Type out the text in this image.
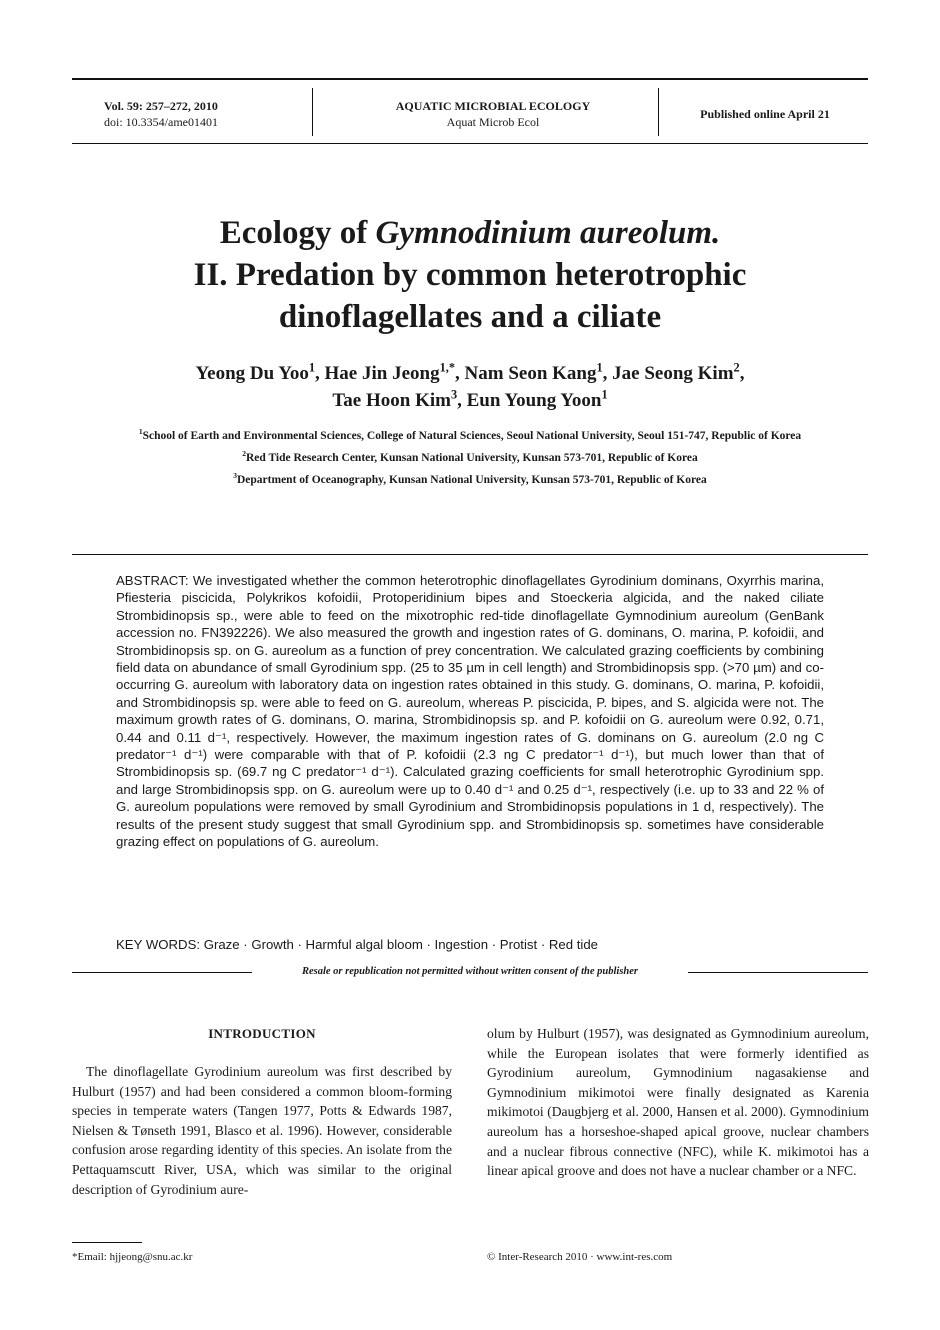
Vol. 59: 257–272, 2010
doi: 10.3354/ame01401
AQUATIC MICROBIAL ECOLOGY
Aquat Microb Ecol
Published online April 21
Ecology of Gymnodinium aureolum.
II. Predation by common heterotrophic
dinoflagellates and a ciliate
Yeong Du Yoo$^1$, Hae Jin Jeong$^{1,*}$, Nam Seon Kang$^1$, Jae Seong Kim$^2$,
Tae Hoon Kim$^3$, Eun Young Yoon$^1$

$^1$School of Earth and Environmental Sciences, College of Natural Sciences, Seoul National University, Seoul 151-747, Republic of Korea

$^2$Red Tide Research Center, Kunsan National University, Kunsan 573-701, Republic of Korea

$^3$Department of Oceanography, Kunsan National University, Kunsan 573-701, Republic of Korea

ABSTRACT: We investigated whether the common heterotrophic dinoflagellates Gyrodinium dominans, Oxyrrhis marina, Pfiesteria piscicida, Polykrikos kofoidii, Protoperidinium bipes and Stoeckeria algicida, and the naked ciliate Strombidinopsis sp., were able to feed on the mixotrophic red-tide dinoflagellate Gymnodinium aureolum (GenBank accession no. FN392226). We also measured the growth and ingestion rates of G. dominans, O. marina, P. kofoidii, and Strombidinopsis sp. on G. aureolum as a function of prey concentration. We calculated grazing coefficients by combining field data on abundance of small Gyrodinium spp. (25 to 35 µm in cell length) and Strombidinopsis spp. (>70 µm) and co-occurring G. aureolum with laboratory data on ingestion rates obtained in this study. G. dominans, O. marina, P. kofoidii, and Strombidinopsis sp. were able to feed on G. aureolum, whereas P. piscicida, P. bipes, and S. algicida were not. The maximum growth rates of G. dominans, O. marina, Strombidinopsis sp. and P. kofoidii on G. aureolum were 0.92, 0.71, 0.44 and 0.11 d⁻¹, respectively. However, the maximum ingestion rates of G. dominans on G. aureolum (2.0 ng C predator⁻¹ d⁻¹) were comparable with that of P. kofoidii (2.3 ng C predator⁻¹ d⁻¹), but much lower than that of Strombidinopsis sp. (69.7 ng C predator⁻¹ d⁻¹). Calculated grazing coefficients for small heterotrophic Gyrodinium spp. and large Strombidinopsis spp. on G. aureolum were up to 0.40 d⁻¹ and 0.25 d⁻¹, respectively (i.e. up to 33 and 22 % of G. aureolum populations were removed by small Gyrodinium and Strombidinopsis populations in 1 d, respectively). The results of the present study suggest that small Gyrodinium spp. and Strombidinopsis sp. sometimes have considerable grazing effect on populations of G. aureolum.

KEY WORDS: Graze · Growth · Harmful algal bloom · Ingestion · Protist · Red tide
Resale or republication not permitted without written consent of the publisher
INTRODUCTION

The dinoflagellate Gyrodinium aureolum was first described by Hulburt (1957) and had been considered a common bloom-forming species in temperate waters (Tangen 1977, Potts & Edwards 1987, Nielsen & Tønseth 1991, Blasco et al. 1996). However, considerable confusion arose regarding identity of this species. An isolate from the Pettaquamscutt River, USA, which was similar to the original description of Gyrodinium aure-

olum by Hulburt (1957), was designated as Gymnodinium aureolum, while the European isolates that were formerly identified as Gyrodinium aureolum, Gymnodinium nagasakiense and Gymnodinium mikimotoi were finally designated as Karenia mikimotoi (Daugbjerg et al. 2000, Hansen et al. 2000). Gymnodinium aureolum has a horseshoe-shaped apical groove, nuclear chambers and a nuclear fibrous connective (NFC), while K. mikimotoi has a linear apical groove and does not have a nuclear chamber or a NFC.

*Email: hjjeong@snu.ac.kr	© Inter-Research 2010 · www.int-res.com
